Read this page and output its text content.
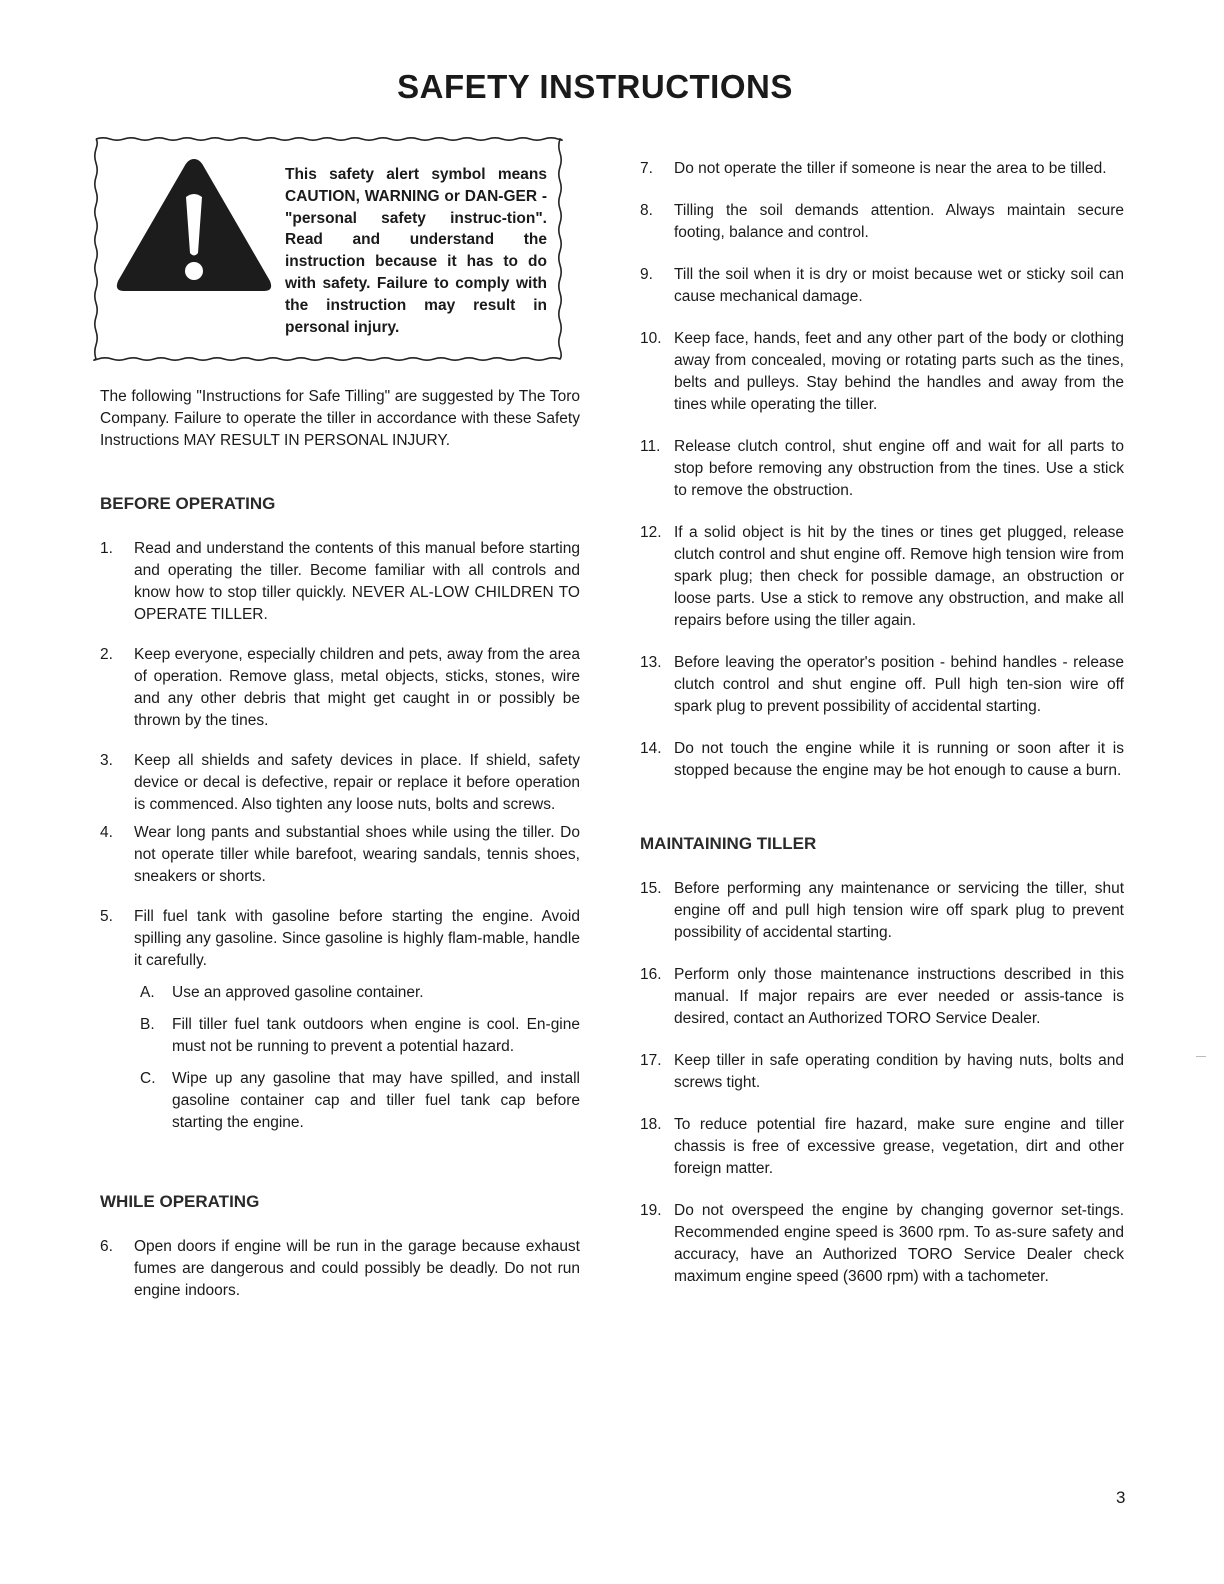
SAFETY INSTRUCTIONS
This safety alert symbol means CAUTION, WARNING or DAN-GER - "personal safety instruc-tion". Read and understand the instruction because it has to do with safety. Failure to comply with the instruction may result in personal injury.

The following "Instructions for Safe Tilling" are suggested by The Toro Company. Failure to operate the tiller in accordance with these Safety Instructions MAY RESULT IN PERSONAL INJURY.

BEFORE OPERATING
1. Read and understand the contents of this manual before starting and operating the tiller. Become familiar with all controls and know how to stop tiller quickly. NEVER AL-LOW CHILDREN TO OPERATE TILLER.
2. Keep everyone, especially children and pets, away from the area of operation. Remove glass, metal objects, sticks, stones, wire and any other debris that might get caught in or possibly be thrown by the tines.
3. Keep all shields and safety devices in place. If shield, safety device or decal is defective, repair or replace it before operation is commenced. Also tighten any loose nuts, bolts and screws.
4. Wear long pants and substantial shoes while using the tiller. Do not operate tiller while barefoot, wearing sandals, tennis shoes, sneakers or shorts.
5. Fill fuel tank with gasoline before starting the engine. Avoid spilling any gasoline. Since gasoline is highly flam-mable, handle it carefully.
A. Use an approved gasoline container.
B. Fill tiller fuel tank outdoors when engine is cool. En-gine must not be running to prevent a potential hazard.
C. Wipe up any gasoline that may have spilled, and install gasoline container cap and tiller fuel tank cap before starting the engine.
WHILE OPERATING
6. Open doors if engine will be run in the garage because exhaust fumes are dangerous and could possibly be deadly. Do not run engine indoors.
7. Do not operate the tiller if someone is near the area to be tilled.
8. Tilling the soil demands attention. Always maintain secure footing, balance and control.
9. Till the soil when it is dry or moist because wet or sticky soil can cause mechanical damage.
10. Keep face, hands, feet and any other part of the body or clothing away from concealed, moving or rotating parts such as the tines, belts and pulleys. Stay behind the handles and away from the tines while operating the tiller.
11. Release clutch control, shut engine off and wait for all parts to stop before removing any obstruction from the tines. Use a stick to remove the obstruction.
12. If a solid object is hit by the tines or tines get plugged, release clutch control and shut engine off. Remove high tension wire from spark plug; then check for possible damage, an obstruction or loose parts. Use a stick to remove any obstruction, and make all repairs before using the tiller again.
13. Before leaving the operator's position - behind handles - release clutch control and shut engine off. Pull high ten-sion wire off spark plug to prevent possibility of accidental starting.
14. Do not touch the engine while it is running or soon after it is stopped because the engine may be hot enough to cause a burn.
MAINTAINING TILLER
15. Before performing any maintenance or servicing the tiller, shut engine off and pull high tension wire off spark plug to prevent possibility of accidental starting.
16. Perform only those maintenance instructions described in this manual. If major repairs are ever needed or assis-tance is desired, contact an Authorized TORO Service Dealer.
17. Keep tiller in safe operating condition by having nuts, bolts and screws tight.
18. To reduce potential fire hazard, make sure engine and tiller chassis is free of excessive grease, vegetation, dirt and other foreign matter.
19. Do not overspeed the engine by changing governor set-tings. Recommended engine speed is 3600 rpm. To as-sure safety and accuracy, have an Authorized TORO Service Dealer check maximum engine speed (3600 rpm) with a tachometer.
3
